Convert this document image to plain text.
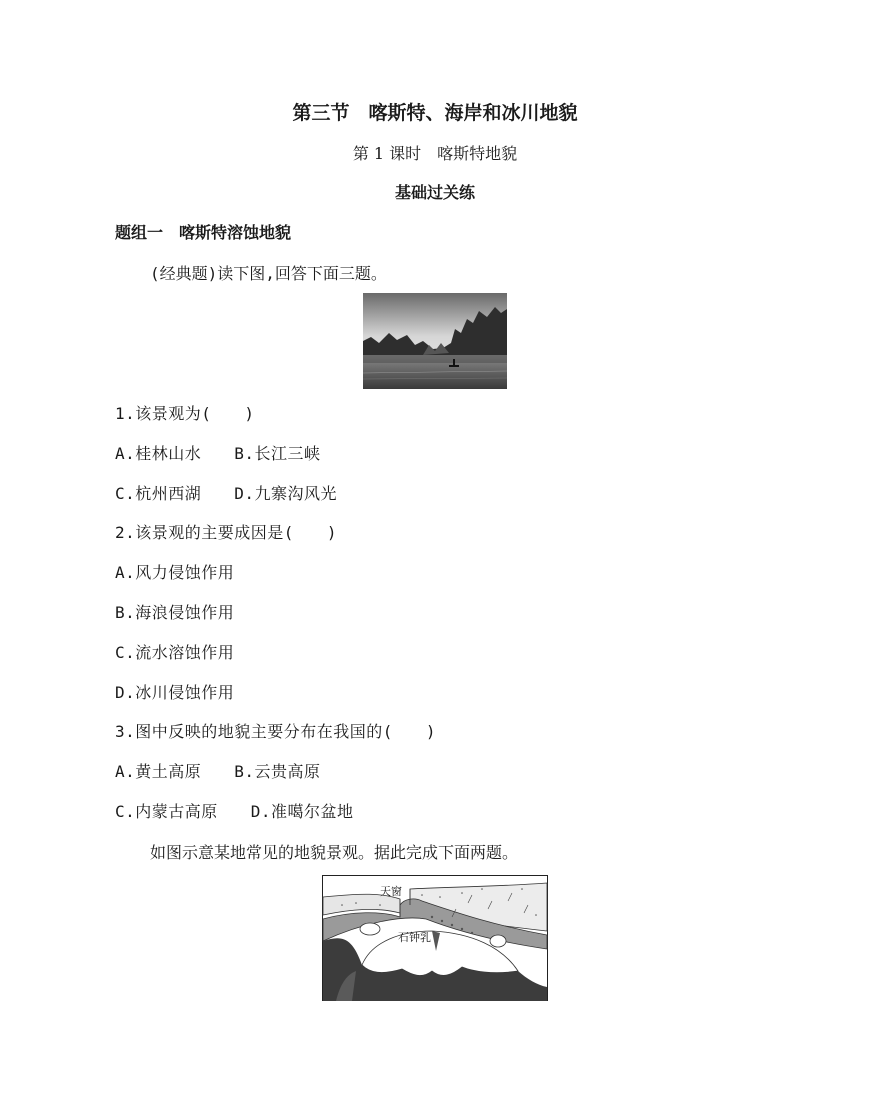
第三节　喀斯特、海岸和冰川地貌
第 1 课时　喀斯特地貌
基础过关练
题组一　喀斯特溶蚀地貌
(经典题)读下图,回答下面三题。
1.该景观为(　　)
A.桂林山水　　B.长江三峡
C.杭州西湖　　D.九寨沟风光
2.该景观的主要成因是(　　)
A.风力侵蚀作用
B.海浪侵蚀作用
C.流水溶蚀作用
D.冰川侵蚀作用
3.图中反映的地貌主要分布在我国的(　　)
A.黄土高原　　B.云贵高原
C.内蒙古高原　　D.准噶尔盆地
如图示意某地常见的地貌景观。据此完成下面两题。
天窗
石钟乳
